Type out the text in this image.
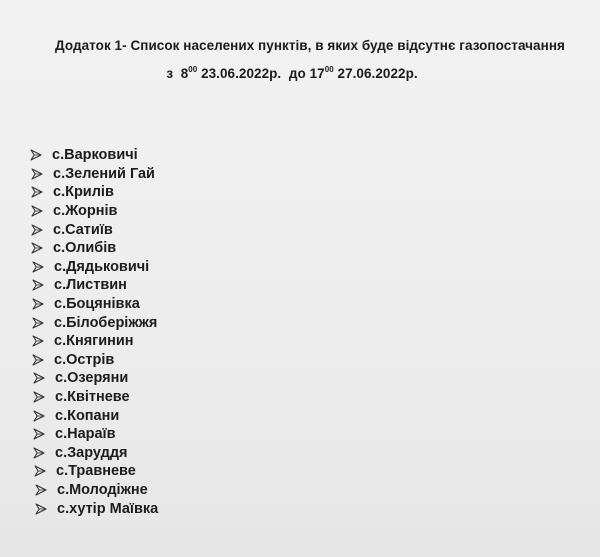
Додаток 1- Список населених пунктів, в яких буде відсутнє газопостачання
з $8^{00}$ 23.06.2022р. до $17^{00}$ 27.06.2022р.
с.Варковичі
с.Зелений Гай
с.Крилів
с.Жорнів
с.Сатиїв
с.Олибів
с.Дядьковичі
с.Листвин
с.Боцянівка
с.Білоберіжжя
с.Княгинин
с.Острів
с.Озеряни
с.Квітневе
с.Копани
с.Нараїв
с.Заруддя
с.Травневе
с.Молодіжне
с.хутір Маївка
